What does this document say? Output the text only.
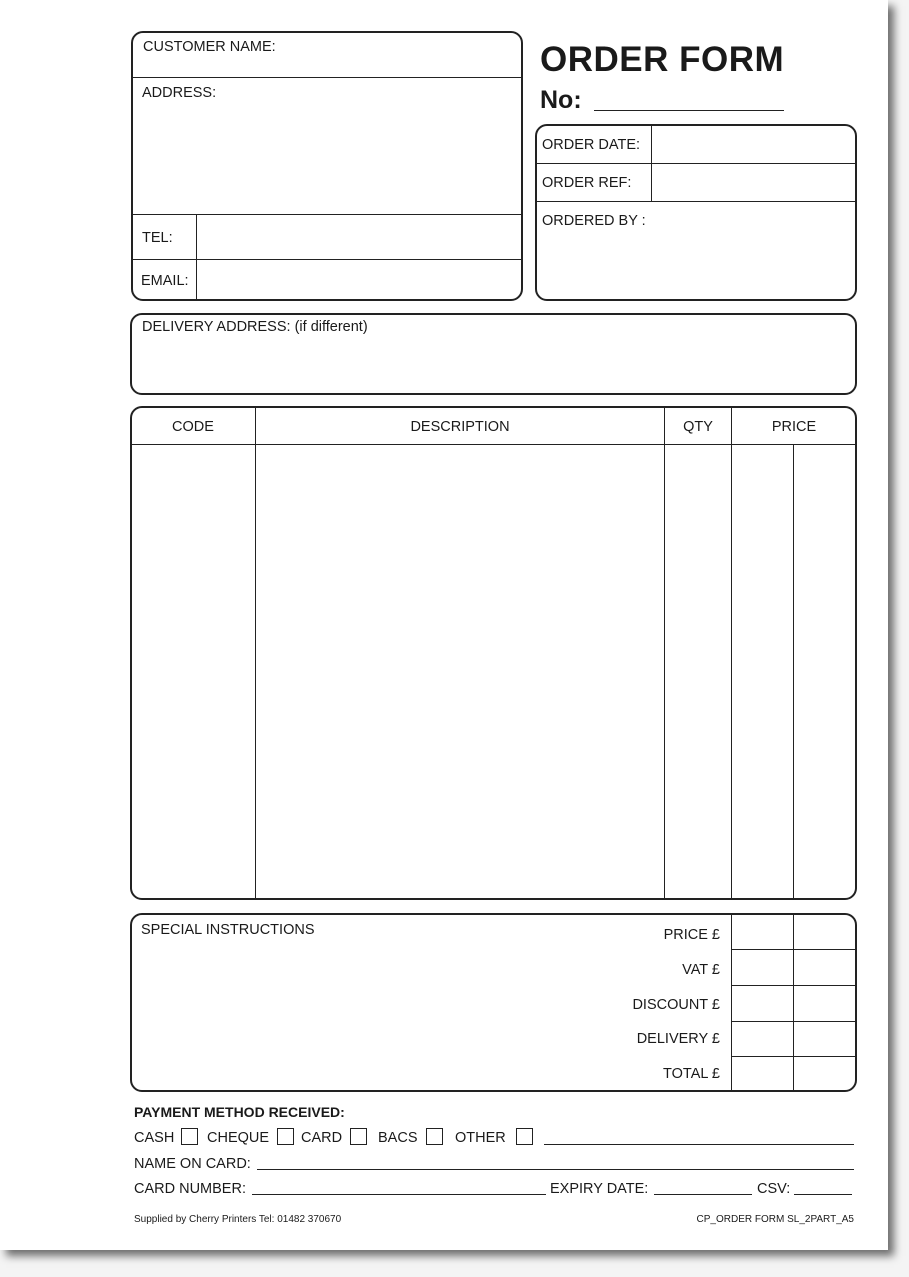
CUSTOMER NAME:
ADDRESS:
TEL:
EMAIL:
ORDER FORM
No:
ORDER DATE:
ORDER REF:
ORDERED BY :
DELIVERY ADDRESS: (if different)
CODE	DESCRIPTION	QTY	PRICE
SPECIAL INSTRUCTIONS	PRICE £
VAT £
DISCOUNT £
DELIVERY £
TOTAL £
PAYMENT METHOD RECEIVED:
CASH CHEQUE CARD BACS	OTHER
NAME ON CARD:
CARD NUMBER:	EXPIRY DATE:	CSV:
Supplied by Cherry Printers Tel: 01482 370670	CP_ORDER FORM SL_2PART_A5
